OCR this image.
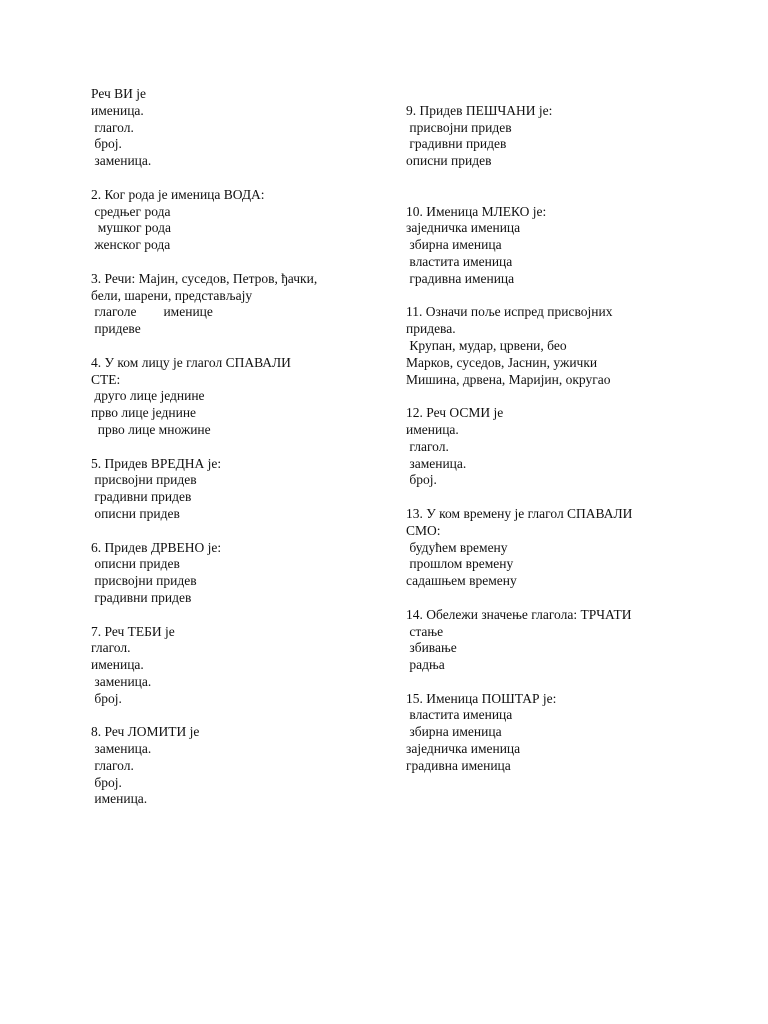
Реч ВИ је
именица.
глагол.
број.
заменица.
2. Ког рода је именица ВОДА:
средњег рода
мушког рода
женског рода
3. Речи: Мајин, суседов, Петров, ђачки,
бели, шарени, представљају
глаголе        именице
придеве
4. У ком лицу је глагол СПАВАЛИ
СТЕ:
друго лице једнине
прво лице једнине
прво лице множине
5. Придев ВРЕДНА је:
присвојни придев
градивни придев
описни придев
6. Придев ДРВЕНО је:
описни придев
присвојни придев
градивни придев
7. Реч ТЕБИ је
глагол.
именица.
заменица.
број.
8. Реч ЛОМИТИ је
заменица.
глагол.
број.
именица.
9. Придев ПЕШЧАНИ је:
присвојни придев
градивни придев
описни придев
10. Именица МЛЕКО је:
заједничка именица
збирна именица
властита именица
градивна именица
11. Означи поље испред присвојних
придева.
Крупан, мудар, црвени, бео
Марков, суседов, Јаснин, ужички
Мишина, дрвена, Маријин, округао
12. Реч ОСМИ је
именица.
глагол.
заменица.
број.
13. У ком времену је глагол СПАВАЛИ
СМО:
будућем времену
прошлом времену
садашњем времену
14. Обележи значење глагола: ТРЧАТИ
стање
збивање
радња
15. Именица ПОШТАР је:
властита именица
збирна именица
заједничка именица
градивна именица
